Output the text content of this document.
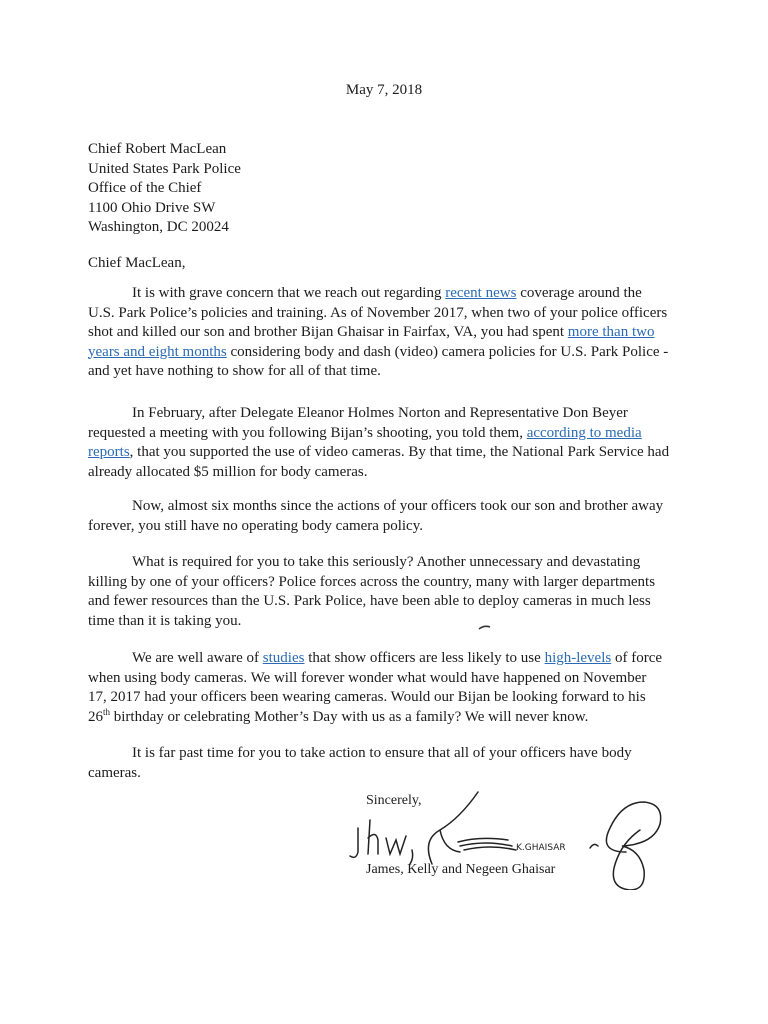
May 7, 2018
Chief Robert MacLean
United States Park Police
Office of the Chief
1100 Ohio Drive SW
Washington, DC 20024
Chief MacLean,
It is with grave concern that we reach out regarding recent news coverage around the
U.S. Park Police’s policies and training. As of November 2017, when two of your police officers
shot and killed our son and brother Bijan Ghaisar in Fairfax, VA, you had spent more than two
years and eight months considering body and dash (video) camera policies for U.S. Park Police -
and yet have nothing to show for all of that time.
In February, after Delegate Eleanor Holmes Norton and Representative Don Beyer
requested a meeting with you following Bijan’s shooting, you told them, according to media
reports, that you supported the use of video cameras. By that time, the National Park Service had
already allocated $5 million for body cameras.
Now, almost six months since the actions of your officers took our son and brother away
forever, you still have no operating body camera policy.
What is required for you to take this seriously? Another unnecessary and devastating
killing by one of your officers? Police forces across the country, many with larger departments
and fewer resources than the U.S. Park Police, have been able to deploy cameras in much less
time than it is taking you.
We are well aware of studies that show officers are less likely to use high-levels of force
when using body cameras. We will forever wonder what would have happened on November
17, 2017 had your officers been wearing cameras. Would our Bijan be looking forward to his
26th birthday or celebrating Mother’s Day with us as a family? We will never know.
It is far past time for you to take action to ensure that all of your officers have body
cameras.
Sincerely,
K.GHAISAR
James, Kelly and Negeen Ghaisar
